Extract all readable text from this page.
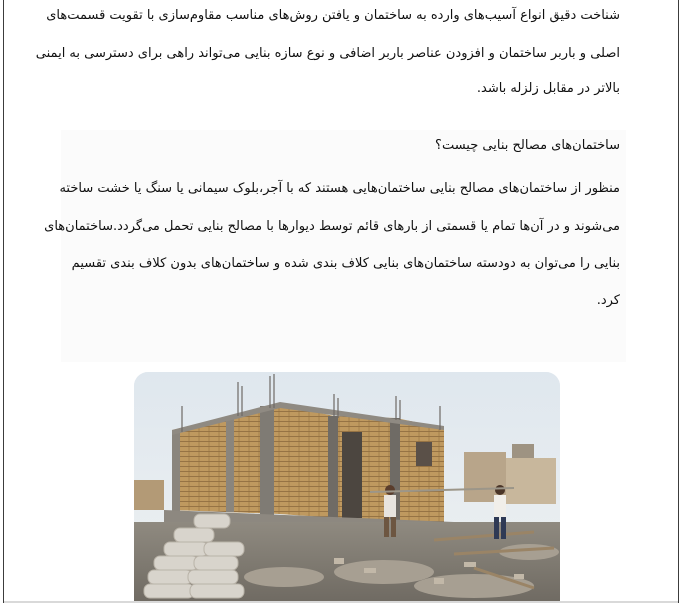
شناخت دقیق انواع آسیب‌های وارده به ساختمان و یافتن روش‌های مناسب مقاوم‌سازی با تقویت قسمت‌های
اصلی و باربر ساختمان و افزودن عناصر باربر اضافی و نوع سازه بنایی می‌تواند راهی برای دسترسی به ایمنی
بالاتر در مقابل زلزله باشد.
ساختمان‌های مصالح بنایی چیست؟
منظور از ساختمان‌های مصالح بنایی ساختمان‌هایی هستند که با آجر،بلوک سیمانی یا سنگ یا خشت ساخته
می‌شوند و در آن‌ها تمام یا قسمتی از بارهای قائم توسط دیوارها با مصالح بنایی تحمل می‌گردد.ساختمان‌های
بنایی را می‌توان به دودسته ساختمان‌های بنایی کلاف بندی شده و ساختمان‌های بدون کلاف بندی تقسیم
کرد.
